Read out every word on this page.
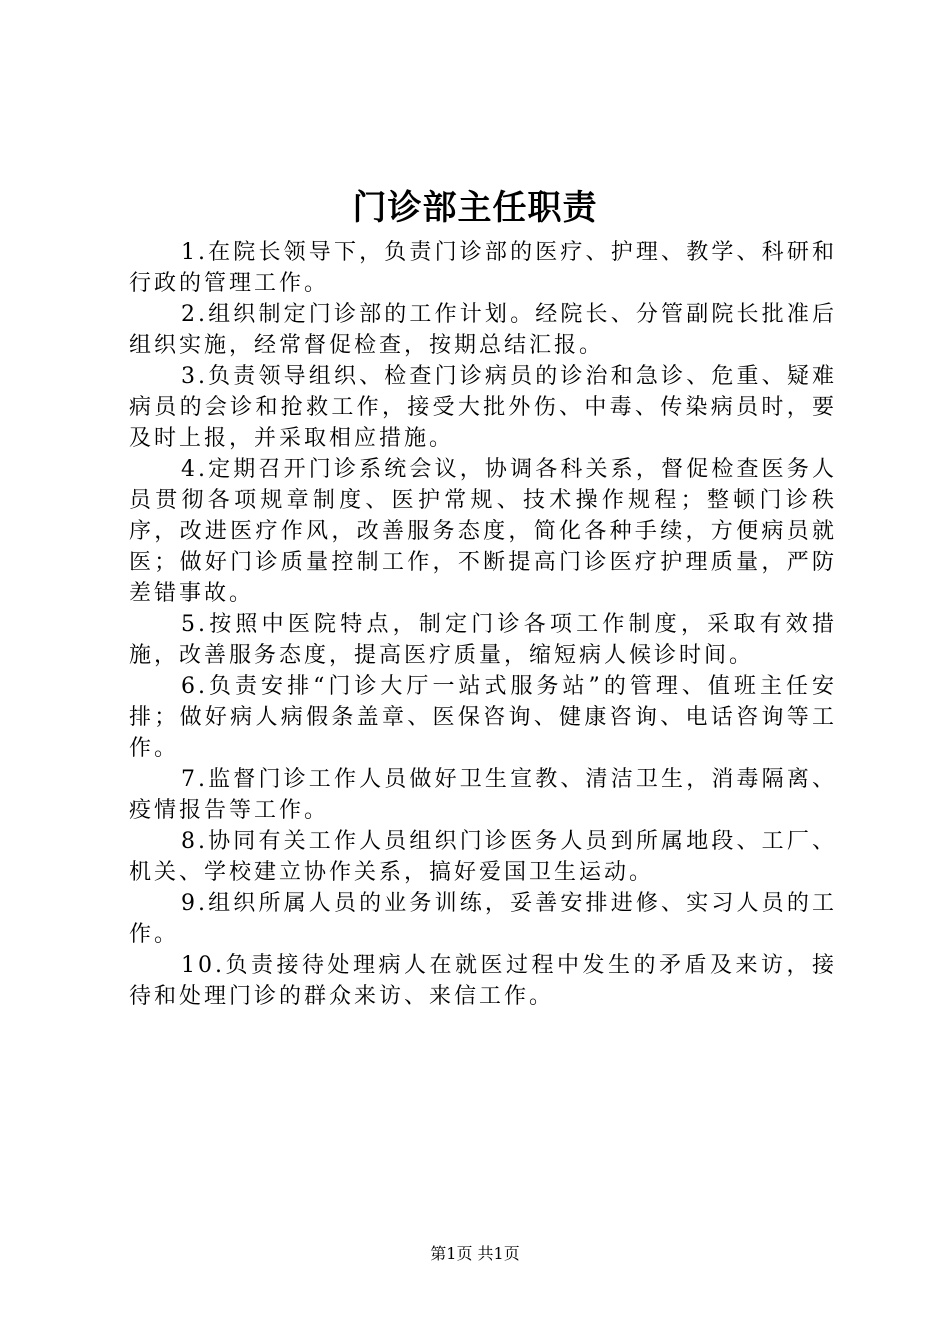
门诊部主任职责

1.在院长领导下，负责门诊部的医疗、护理、教学、科研和行政的管理工作。

2.组织制定门诊部的工作计划。经院长、分管副院长批准后组织实施，经常督促检查，按期总结汇报。

3.负责领导组织、检查门诊病员的诊治和急诊、危重、疑难病员的会诊和抢救工作，接受大批外伤、中毒、传染病员时，要及时上报，并采取相应措施。

4.定期召开门诊系统会议，协调各科关系，督促检查医务人员贯彻各项规章制度、医护常规、技术操作规程；整顿门诊秩序，改进医疗作风，改善服务态度，简化各种手续，方便病员就医；做好门诊质量控制工作，不断提高门诊医疗护理质量，严防差错事故。

5.按照中医院特点，制定门诊各项工作制度，采取有效措施，改善服务态度，提高医疗质量，缩短病人候诊时间。

6.负责安排“门诊大厅一站式服务站”的管理、值班主任安排；做好病人病假条盖章、医保咨询、健康咨询、电话咨询等工作。

7.监督门诊工作人员做好卫生宣教、清洁卫生，消毒隔离、疫情报告等工作。

8.协同有关工作人员组织门诊医务人员到所属地段、工厂、机关、学校建立协作关系，搞好爱国卫生运动。

9.组织所属人员的业务训练，妥善安排进修、实习人员的工作。

10.负责接待处理病人在就医过程中发生的矛盾及来访，接待和处理门诊的群众来访、来信工作。

第1页 共1页
